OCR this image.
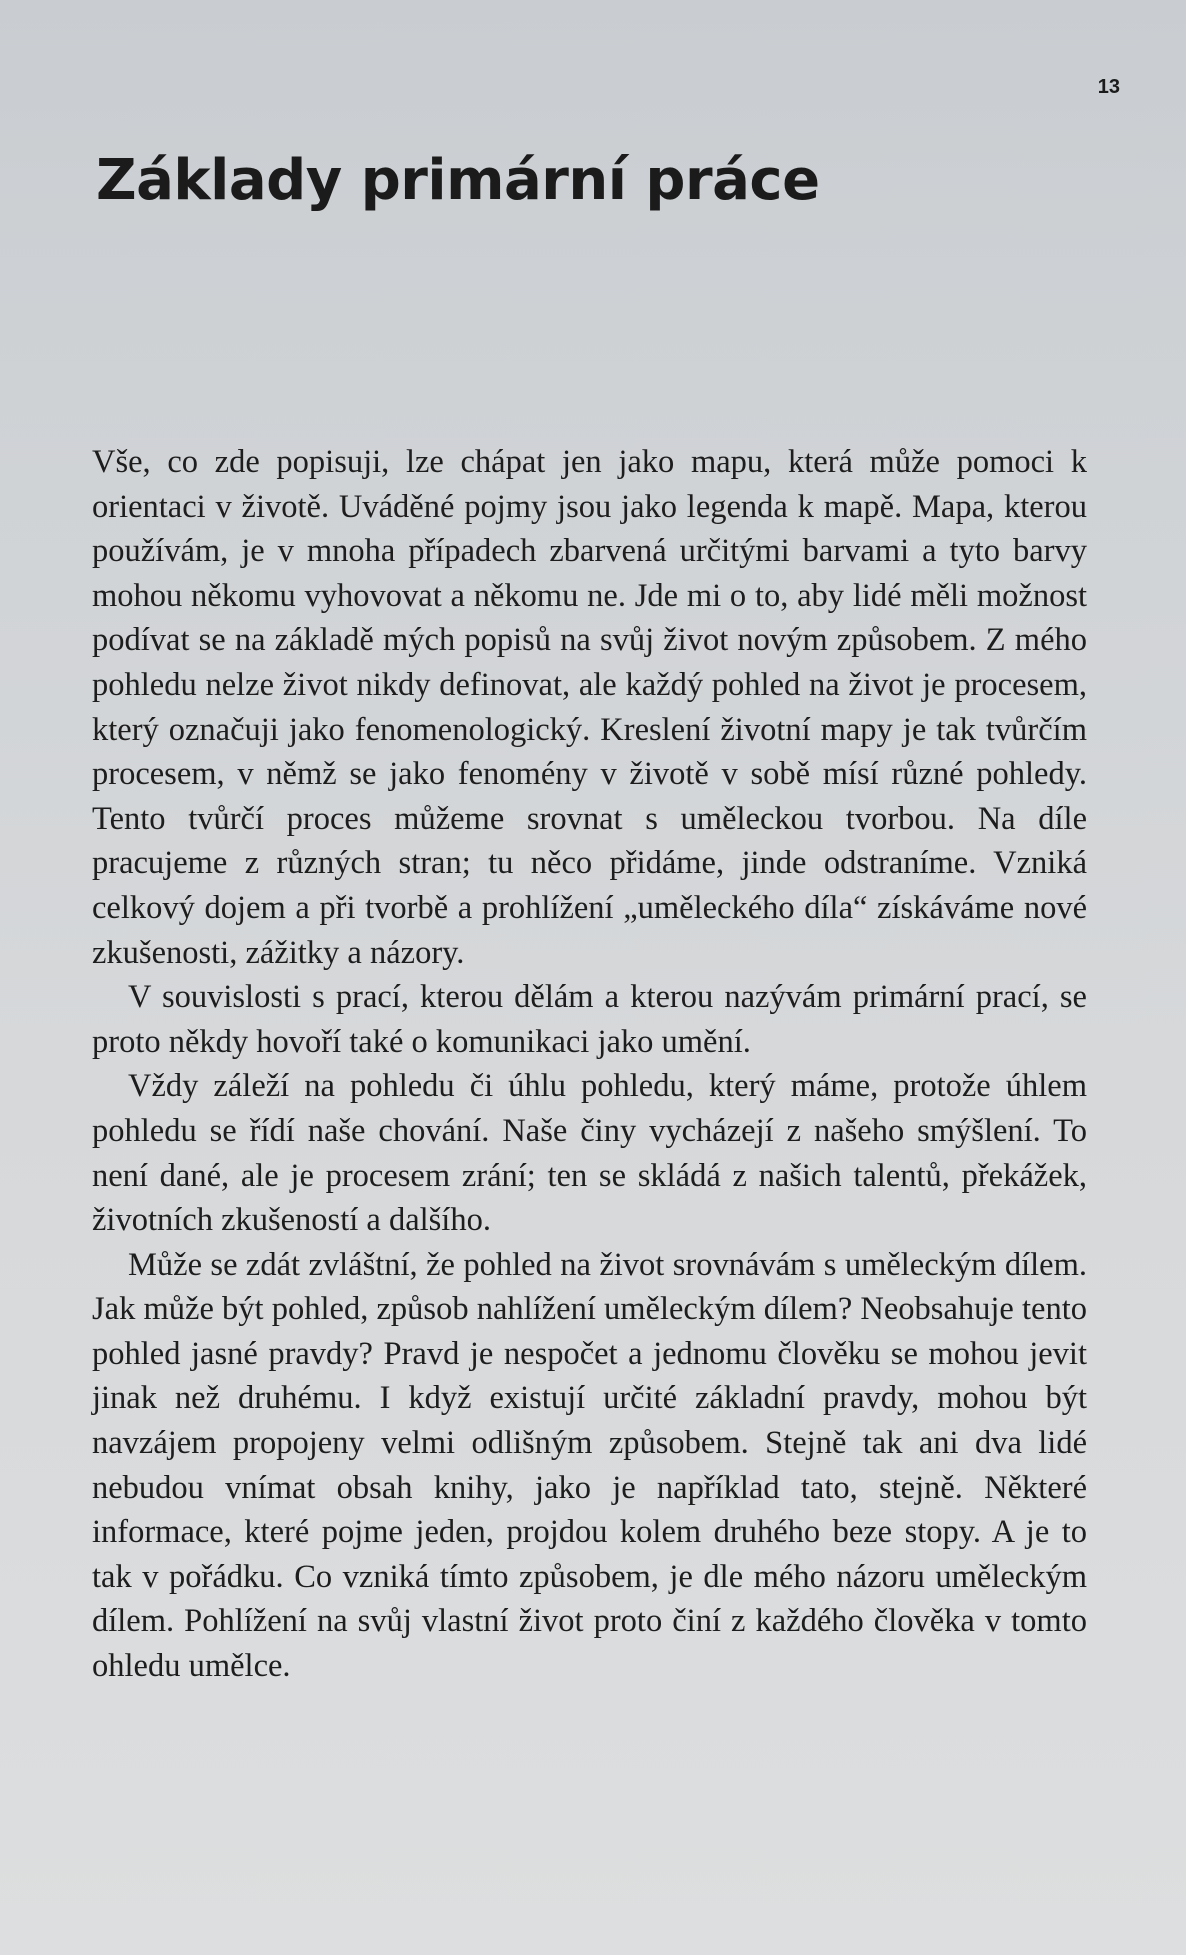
13
Základy primární práce

Vše, co zde popisuji, lze chápat jen jako mapu, která může pomoci k orientaci v životě. Uváděné pojmy jsou jako legenda k mapě. Mapa, kterou používám, je v mnoha případech zbarvená určitými barvami a tyto barvy mohou někomu vyhovovat a někomu ne. Jde mi o to, aby lidé měli možnost podívat se na základě mých popisů na svůj život novým způsobem. Z mého pohledu nelze život nikdy definovat, ale každý pohled na život je procesem, který označuji jako fenomenologický. Kreslení životní mapy je tak tvůrčím procesem, v němž se jako fenomény v životě v sobě mísí různé pohledy. Tento tvůrčí proces můžeme srovnat s uměleckou tvorbou. Na díle pracujeme z různých stran; tu něco přidáme, jinde odstraníme. Vzniká celkový dojem a při tvorbě a prohlížení „uměleckého díla“ získáváme nové zkušenosti, zážitky a názory.

V souvislosti s prací, kterou dělám a kterou nazývám primární prací, se proto někdy hovoří také o komunikaci jako umění.

Vždy záleží na pohledu či úhlu pohledu, který máme, protože úhlem pohledu se řídí naše chování. Naše činy vycházejí z našeho smýšlení. To není dané, ale je procesem zrání; ten se skládá z našich talentů, překážek, životních zkušeností a dalšího.

Může se zdát zvláštní, že pohled na život srovnávám s uměleckým dílem. Jak může být pohled, způsob nahlížení uměleckým dílem? Neobsahuje tento pohled jasné pravdy? Pravd je nespočet a jednomu člověku se mohou jevit jinak než druhému. I když existují určité základní pravdy, mohou být navzájem propojeny velmi odlišným způsobem. Stejně tak ani dva lidé nebudou vnímat obsah knihy, jako je například tato, stejně. Některé informace, které pojme jeden, projdou kolem druhého beze stopy. A je to tak v pořádku. Co vzniká tímto způsobem, je dle mého názoru uměleckým dílem. Pohlížení na svůj vlastní život proto činí z každého člověka v tomto ohledu umělce.
